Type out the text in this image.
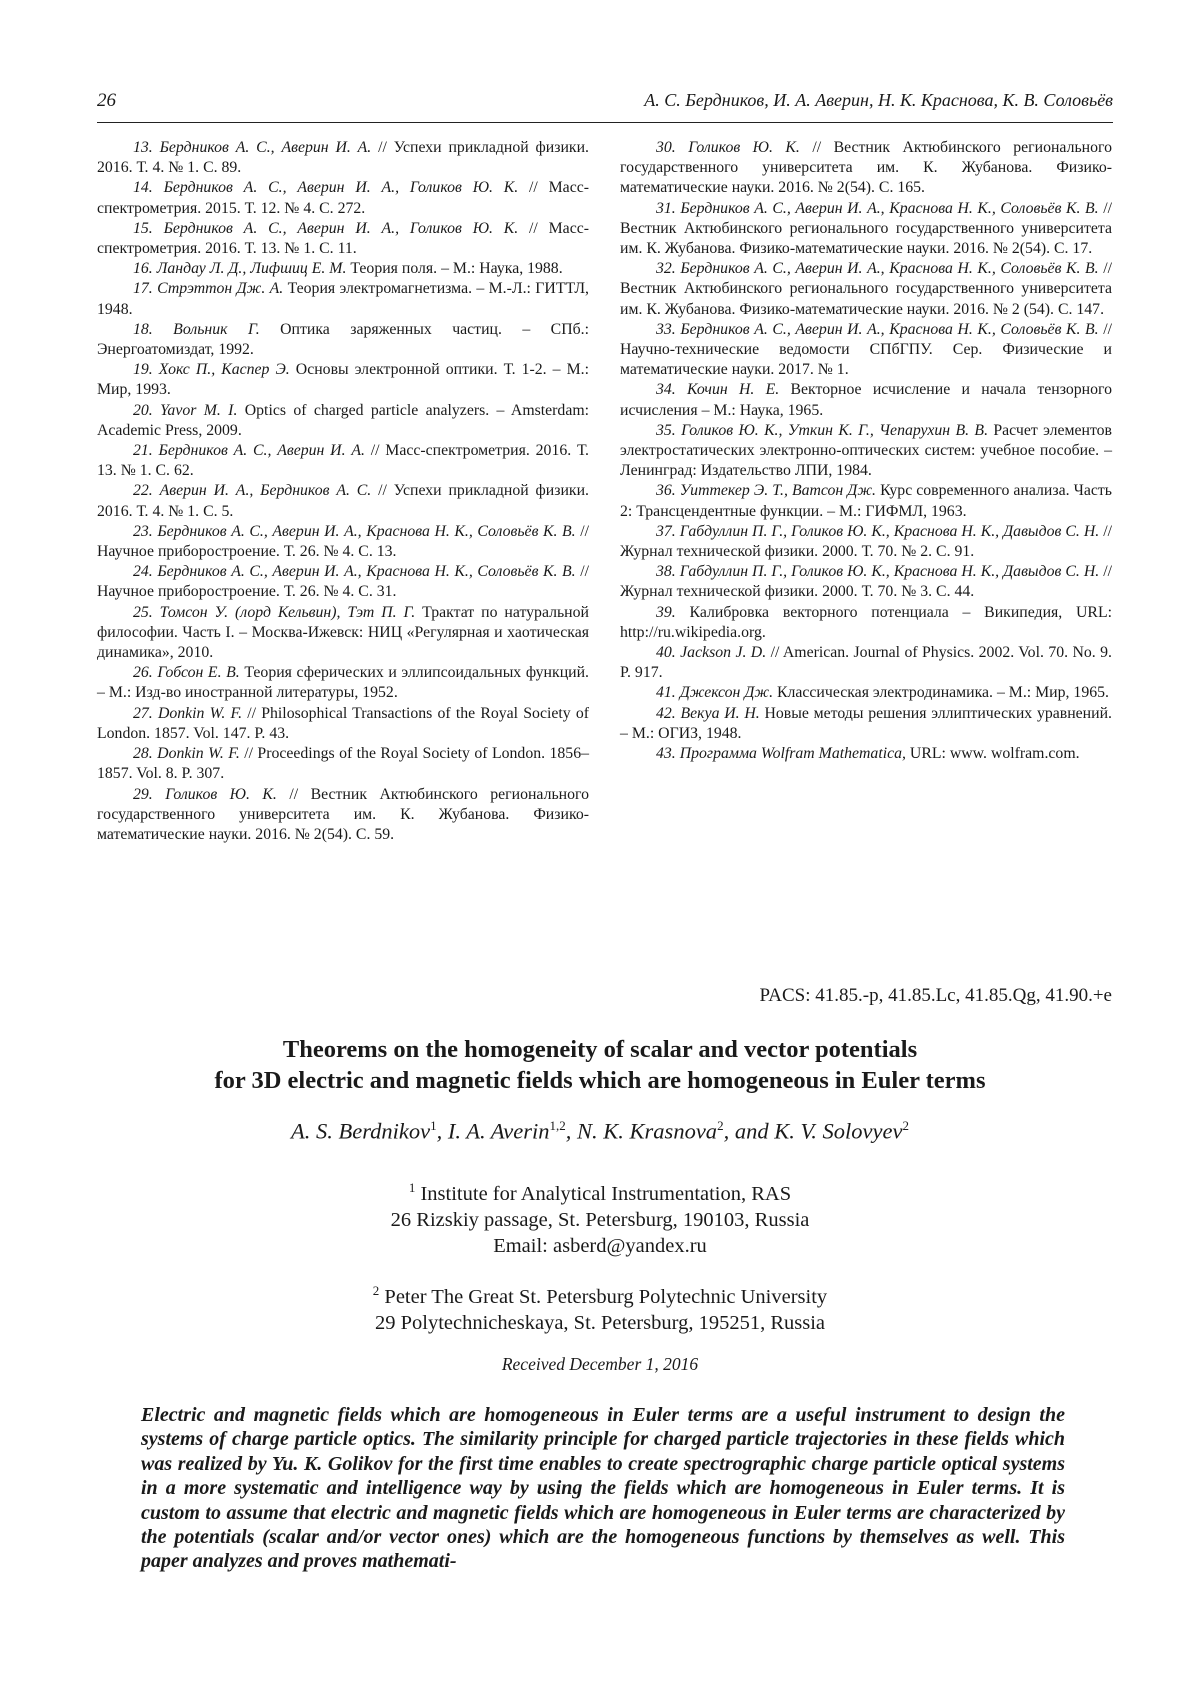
26	А. С. Бердников, И. А. Аверин, Н. К. Краснова, К. В. Соловьёв

13. Бердников А. С., Аверин И. А. // Успехи прикладной физики. 2016. Т. 4. № 1. С. 89.

14. Бердников А. С., Аверин И. А., Голиков Ю. К. // Масс-спектрометрия. 2015. Т. 12. № 4. С. 272.

15. Бердников А. С., Аверин И. А., Голиков Ю. К. // Масс-спектрометрия. 2016. Т. 13. № 1. С. 11.

16. Ландау Л. Д., Лифшиц Е. М. Теория поля. – М.: Наука, 1988.

17. Стрэттон Дж. А. Теория электромагнетизма. – М.-Л.: ГИТТЛ, 1948.

18. Вольник Г. Оптика заряженных частиц. – СПб.: Энергоатомиздат, 1992.

19. Хокс П., Каспер Э. Основы электронной оптики. Т. 1-2. – М.: Мир, 1993.

20. Yavor M. I. Optics of charged particle analyzers. – Amsterdam: Academic Press, 2009.

21. Бердников А. С., Аверин И. А. // Масс-спектрометрия. 2016. Т. 13. № 1. С. 62.

22. Аверин И. А., Бердников А. С. // Успехи прикладной физики. 2016. Т. 4. № 1. С. 5.

23. Бердников А. С., Аверин И. А., Краснова Н. К., Соловьёв К. В. // Научное приборостроение. Т. 26. № 4. С. 13.

24. Бердников А. С., Аверин И. А., Краснова Н. К., Соловьёв К. В. // Научное приборостроение. Т. 26. № 4. С. 31.

25. Томсон У. (лорд Кельвин), Тэт П. Г. Трактат по натуральной философии. Часть I. – Москва-Ижевск: НИЦ «Регулярная и хаотическая динамика», 2010.

26. Гобсон Е. В. Теория сферических и эллипсоидальных функций. – М.: Изд-во иностранной литературы, 1952.

27. Donkin W. F. // Philosophical Transactions of the Royal Society of London. 1857. Vol. 147. P. 43.

28. Donkin W. F. // Proceedings of the Royal Society of London. 1856–1857. Vol. 8. P. 307.

29. Голиков Ю. К. // Вестник Актюбинского регионального государственного университета им. К. Жубанова. Физико-математические науки. 2016. № 2(54). С. 59.

30. Голиков Ю. К. // Вестник Актюбинского регионального государственного университета им. К. Жубанова. Физико-математические науки. 2016. № 2(54). С. 165.

31. Бердников А. С., Аверин И. А., Краснова Н. К., Соловьёв К. В. // Вестник Актюбинского регионального государственного университета им. К. Жубанова. Физико-математические науки. 2016. № 2(54). С. 17.

32. Бердников А. С., Аверин И. А., Краснова Н. К., Соловьёв К. В. // Вестник Актюбинского регионального государственного университета им. К. Жубанова. Физико-математические науки. 2016. № 2 (54). С. 147.

33. Бердников А. С., Аверин И. А., Краснова Н. К., Соловьёв К. В. // Научно-технические ведомости СПбГПУ. Сер. Физические и математические науки. 2017. № 1.

34. Кочин Н. Е. Векторное исчисление и начала тензорного исчисления – М.: Наука, 1965.

35. Голиков Ю. К., Уткин К. Г., Чепарухин В. В. Расчет элементов электростатических электронно-оптических систем: учебное пособие. – Ленинград: Издательство ЛПИ, 1984.

36. Уиттекер Э. Т., Ватсон Дж. Курс современного анализа. Часть 2: Трансцендентные функции. – М.: ГИФМЛ, 1963.

37. Габдуллин П. Г., Голиков Ю. К., Краснова Н. К., Давыдов С. Н. // Журнал технической физики. 2000. Т. 70. № 2. С. 91.

38. Габдуллин П. Г., Голиков Ю. К., Краснова Н. К., Давыдов С. Н. // Журнал технической физики. 2000. Т. 70. № 3. С. 44.

39. Калибровка векторного потенциала – Википедия, URL: http://ru.wikipedia.org.

40. Jackson J. D. // American. Journal of Physics. 2002. Vol. 70. No. 9. P. 917.

41. Джексон Дж. Классическая электродинамика. – М.: Мир, 1965.

42. Векуа И. Н. Новые методы решения эллиптических уравнений. – М.: ОГИЗ, 1948.

43. Программа Wolfram Mathematica, URL: www. wolfram.com.

PACS: 41.85.-p, 41.85.Lc, 41.85.Qg, 41.90.+e
Theorems on the homogeneity of scalar and vector potentials
for 3D electric and magnetic fields which are homogeneous in Euler terms
A. S. Berdnikov$^1$, I. A. Averin$^{1,2}$, N. K. Krasnova$^2$, and K. V. Solovyev$^2$
$^1$ Institute for Analytical Instrumentation, RAS
26 Rizskiy passage, St. Petersburg, 190103, Russia
Email: asberd@yandex.ru
$^2$ Peter The Great St. Petersburg Polytechnic University
29 Polytechnicheskaya, St. Petersburg, 195251, Russia
Received December 1, 2016
Electric and magnetic fields which are homogeneous in Euler terms are a useful instrument to design the systems of charge particle optics. The similarity principle for charged particle trajectories in these fields which was realized by Yu. K. Golikov for the first time enables to create spectrographic charge particle optical systems in a more systematic and intelligence way by using the fields which are homogeneous in Euler terms. It is custom to assume that electric and magnetic fields which are homogeneous in Euler terms are characterized by the potentials (scalar and/or vector ones) which are the homogeneous functions by themselves as well. This paper analyzes and proves mathemati-
